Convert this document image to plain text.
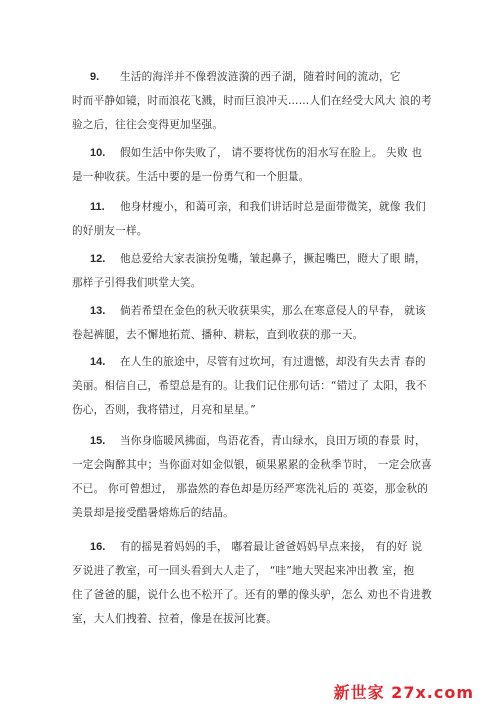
9. 生活的海洋并不像碧波涟漪的西子湖，随着时间的流动，它
时而平静如镜，时而浪花飞溅，时而巨浪冲天……人们在经受大风大 浪的考
验之后，往往会变得更加坚强。
10. 假如生活中你失败了， 请不要将忧伤的泪水写在脸上。 失败 也
是一种收获。生活中要的是一份勇气和一个胆量。
11. 他身材瘦小，和蔼可亲，和我们讲话时总是面带微笑，就像 我们
的好朋友一样。
12. 他总爱给大家表演扮兔嘴，皱起鼻子，撅起嘴巴，瞪大了眼 睛，
那样子引得我们哄堂大笑。
13. 倘若希望在金色的秋天收获果实，那么在寒意侵人的早春， 就该
卷起裤腿，去不懈地拓荒、播种、耕耘，直到收获的那一天。
14. 在人生的旅途中，尽管有过坎坷，有过遗憾，却没有失去青 春的
美丽。相信自己，希望总是有的。让我们记住那句话：“错过了 太阳，我不
伤心，否则，我将错过，月亮和星星。”
15. 当你身临暖风拂面，鸟语花香，青山绿水，良田万顷的春景 时，
一定会陶醉其中；当你面对如金似银，硕果累累的金秋季节时， 一定会欣喜
不已。 你可曾想过， 那盎然的春色却是历经严寒洗礼后的 英姿，那金秋的
美景却是接受酷暑熔炼后的结晶。
16. 有的摇晃着妈妈的手， 嘟着最让爸爸妈妈早点来接， 有的好 说
歹说进了教室，可一回头看到大人走了， “哇”地大哭起来冲出教 室，抱
住了爸爸的腿，说什么也不松开了。还有的犟的像头驴，怎么 劝也不肯进教
室，大人们拽着、拉着，像是在拔河比赛。
新世家 27x.com
